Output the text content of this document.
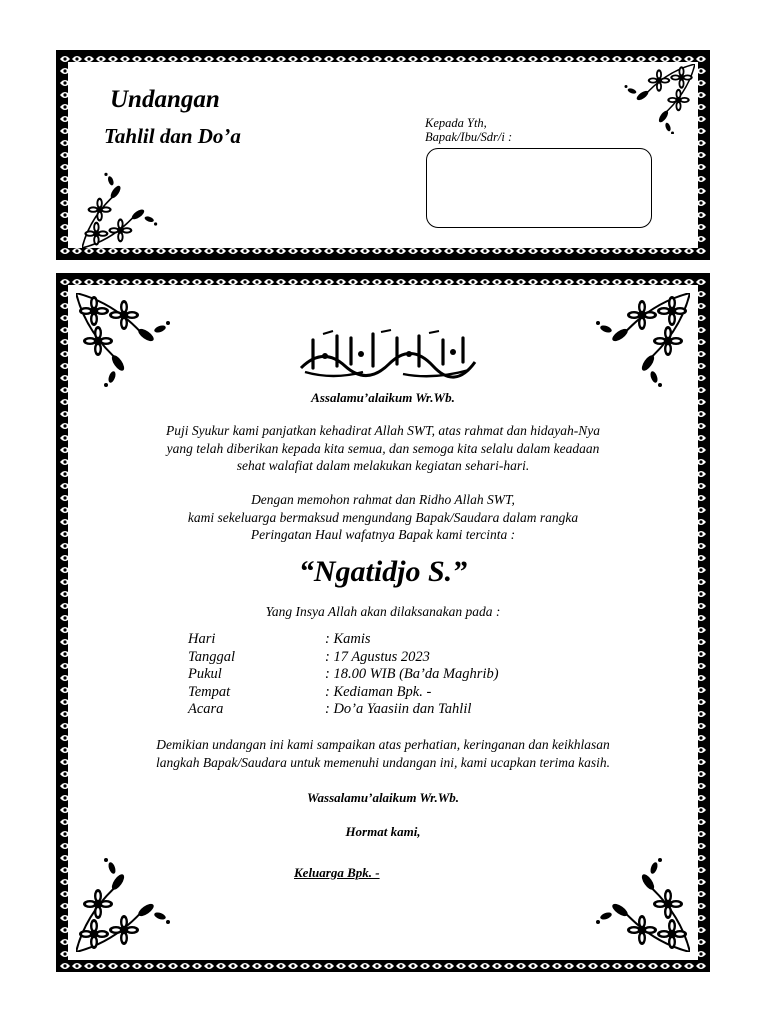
Undangan
Tahlil dan Do’a
Kepada Yth,
Bapak/Ibu/Sdr/i :
Assalamu’alaikum Wr.Wb.
Puji Syukur kami panjatkan kehadirat Allah SWT, atas rahmat dan hidayah-Nya
yang telah diberikan kepada kita semua, dan semoga kita selalu dalam keadaan
sehat walafiat dalam melakukan kegiatan sehari-hari.
Dengan memohon rahmat dan Ridho Allah SWT,
kami sekeluarga bermaksud mengundang Bapak/Saudara dalam rangka
Peringatan Haul wafatnya Bapak kami tercinta :
“Ngatidjo S.”
Yang Insya Allah akan dilaksanakan pada :
Hari	: Kamis
Tanggal	: 17 Agustus 2023
Pukul	: 18.00 WIB (Ba’da Maghrib)
Tempat	: Kediaman Bpk. -
Acara	: Do’a Yaasiin dan Tahlil
Demikian undangan ini kami sampaikan atas perhatian, keringanan dan keikhlasan
langkah Bapak/Saudara untuk memenuhi undangan ini, kami ucapkan terima kasih.
Wassalamu’alaikum Wr.Wb.
Hormat kami,
Keluarga Bpk. -
